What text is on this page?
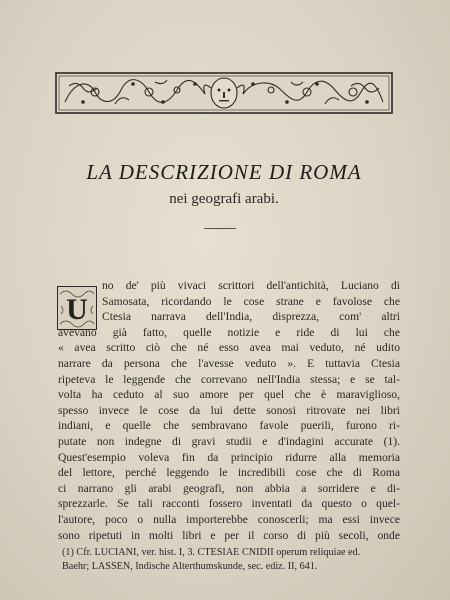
LA DESCRIZIONE DI ROMA
nei geografi arabi.
U
no de' più vivaci scrittori dell'antichità, Luciano di
Samosata, ricordando le cose strane e favolose che
Ctesia narrava dell'India, disprezza, com' altri
avevano già fatto, quelle notizie e ride di lui che
« avea scritto ciò che né esso avea mai veduto, né udito
narrare da persona che l'avesse veduto ». E tuttavia Ctesia
ripeteva le leggende che correvano nell'India stessa; e se tal-
volta ha ceduto al suo amore per quel che è maraviglioso,
spesso invece le cose da lui dette sonosi ritrovate nei libri
indiani, e quelle che sembravano favole puerili, furono ri-
putate non indegne di gravi studii e d'indagini accurate (1).
Quest'esempio voleva fin da principio ridurre alla memoria
del lettore, perché leggendo le incredibili cose che di Roma
ci narrano gli arabi geografi, non abbia a sorridere e di-
sprezzarle. Se tali racconti fossero inventati da questo o quel-
l'autore, poco o nulla importerebbe conoscerli; ma essi invece
sono ripetuti in molti libri e per il corso di più secoli, onde
(1) Cfr. LUCIANI, ver. hist. I, 3. CTESIAE CNIDII operum reliquiae ed.
Baehr; LASSEN, Indische Alterthumskunde, sec. ediz. II, 641.
